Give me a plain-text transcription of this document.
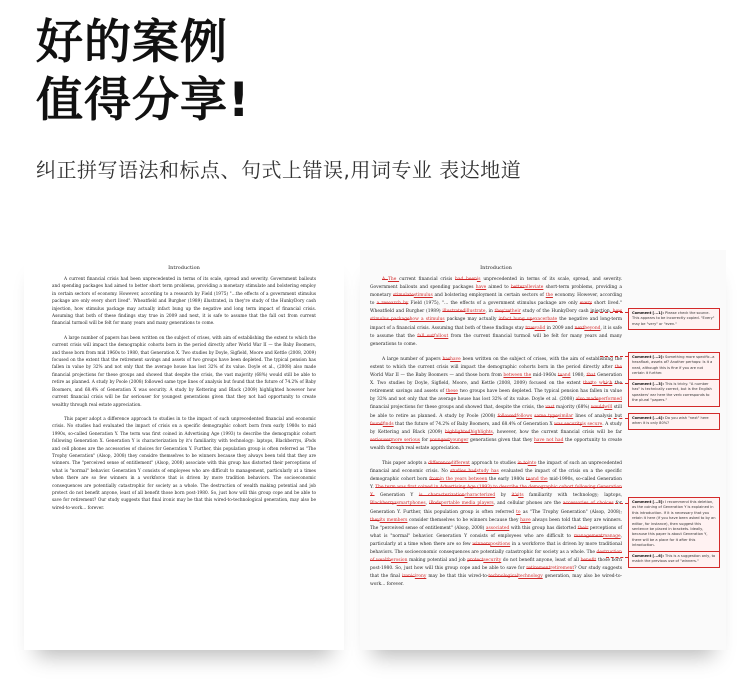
好的案例
值得分享!
纠正拼写语法和标点、句式上错误,用词专业 表达地道
Introduction

A current financial crisis had been unprecedented in terms of its scale, spread and severity. Government bailouts and spending packages had aimed to better short term problems, providing a monetary stimulate and bolstering employ in certain sectors of economy. However, according to a research by Field (1975) "...the effects of a government stimulus package are only every short lived". Wheatfield and Burgher (1989) illustrated, in they're study of the HunkyDory cash injection, how stimulus package may actually infact bung up the negative and long term impact of financial crisis. Assuming that both of these findings stay true in 2009 and next, it is safe to assume that the fall out from current financial turmoil will be felt for many years and many generations to come.

A large number of papers has been written on the subject of crises, with aim of establishing the extent to which the current crisis will impact the demographic cohorts born in the period directly after World War II — the Baby Boomers, and those born from mid 1960s to 1980, that Generation X. Two studies by Doyle, Sigfield, Moore and Kettle (2008, 2009) focused on the extent that the retirement savings and assets of two groups have been depleted. The typical pension has fallen in value by 32% and not only that the average house has lost 32% of its value. Doyle et al., (2008) also made financial projections for these groups and showed that despite the crisis, the vast majority (68%) would still be able to retire as planned. A study by Poole (2008) followed same type lines of analysis but found that the future of 74.2% of Baby Boomers, and 68.4% of Generation X was security. A study by Kettering and Black (2009) highlighted however how current financial crisis will be far seriouser for youngest generations given that they not had opportunity to create wealthy through real estate appreciation.

This paper adopt a difference approach to studies in to the impact of such unprecedented financial and economic crisis. No studies had evaluated the impact of crisis on a specific demographic cohort born from early 1980s to mid 1990s, so-called Generation Y. The term was first coined in Advertising Age (1993) to describe the demographic cohort following Generation X. Generation Y is characterization by it's familiarity with technology: laptops, Blackberrys, iPods and cell phones are the accessories of choices for Generation Y. Further, this population group is often referred as "The Trophy Generation" (Alsop, 2008) they considre themselves to be winners because they always been told that they are winners. The "perceived sense of entitlement" (Alsop, 2008) associate with this group has distorted their perceptions of what is "normal" behavior. Generation Y consists of employees who are difficult to management, particularly at a times when there are so few winners in a workforce that is driven by more tradition behaviors. The socioeconomic consequences are potentially catastrophic for society as a whole. The destruction of wealth making potential and job protect do not benefit anyone, least of all benefit those born post-1980. So, just how will this group cope and be able to save for retirement? Our study suggests that final ironic may be that this wired-to-technological generation, may also be wired-to-work... forever.

Introduction

A The current financial crisis had beenis unprecedented in terms of its scale, spread, and severity. Government bailouts and spending packages have aimed to betteralleviate short-term problems, providing a monetary stimulatestimulus and bolstering employment in certain sectors of the economy. However, according to a research by Field (1975), "... the effects of a government stimulus package are only every short lived." Wheatfield and Burgher (1989) illustratedillustrate, in they'retheir study of the HunkyDory cash injection, how stimulus packagehow a stimulus package may actually infact bung upexacerbate the negative and long-term impact of a financial crisis. Assuming that both of these findings stay truevalid in 2009 and nextbeyond, it is safe to assume that the fall outfallout from the current financial turmoil will be felt for many years and many generations to come.

A large number of papers hashave been written on the subject of crises, with the aim of establishing the extent to which the current crisis will impact the demographic cohorts born in the period directly after the World War II — the Baby Boomers — and those born from between the mid-1960s toand 1980, that Generation X. Two studies by Doyle, Sigfield, Moore, and Kettle (2008, 2009) focused on the extent thatto which the retirement savings and assets of these two groups have been depleted. The typical pension has fallen in value by 32% and not only that the average house has lost 32% of its value. Doyle et al. (2008) also madeperformed financial projections for these groups and showed that, despite the crisis, the vast majority (68%) wouldwill still be able to retire as planned. A study by Poole (2008) followedfollows same typesimilar lines of analysis but foundfinds that the future of 74.2% of Baby Boomers, and 68.4% of Generation X was securityis secure. A study by Kettering and Black (2009) highlightedhighlights, however, how the current financial crisis will be far seriousermore serious for youngestyounger generations given that they have not had the opportunity to create wealth through real estate appreciation.

This paper adopts a differencedifferent approach to studies in tointo the impact of such an unprecedented financial and economic crisis. No studies hadstudy has evaluated the impact of the crisis on a the specific demographic cohort born fromin the years between the early 1980s toand the mid-1990s, so-called Generation Y. The term was first coined in Advertising Age (1993) to describe the demographic cohort following Generation X. Generation Y is characterizationcharacterized by it'sits familiarity with technology; laptops, Blackberryssmartphones, iPodsportable media players, and cellular phones are the accessories of choices for Generation Y. Further, this population group is often referred to as "The Trophy Generation" (Alsop, 2008); theyits members consider themselves to be winners because they have always been told that they are winners. The "perceived sense of entitlement" (Alsop, 2008) associated with this group has distorted their perceptions of what is "normal" behavior. Generation Y consists of employees who are difficult to managementmanage, particularly at a time when there are so few winnerspositions in a workforce that is driven by more traditional behaviors. The socioeconomic consequences are potentially catastrophic for society as a whole. The destruction of wealtherosion making potential and job protectsecurity do not benefit anyone, least of all benefit those born post-1980. So, just how will this group cope and be able to save for retirementretirement? Our study suggests that the final ironicirony may be that this wired-to-technologicaltechnology generation, may also be wired-to-work... forever.

Comment [...1]: Please check the source. This appears to be incorrectly copied. "Every" may be "very" or "even."
Comment [...2]: Something more specific--a hexafloat, assets of? Another perhaps: Is it a neat, although this is fine if you are not certain it further.
Comment [...3]: This is tricky. "A number has" is technically correct, but is the English speakers' ear here the verb corresponds to the plural "papers."
Comment [...4]: Do you wish "next" here when it is only 80%?
Comment [...5]: I recommend this deletion, as the coining of Generation Y is explained in this introduction. If it is necessary that you retain it here (if you have been asked to by an editor, for instance), then suggest this sentence be placed in brackets. Ideally, because this paper is about Generation Y, there will be a place for it after this introduction.
Comment [...6]: This is a suggestion only, to match the previous use of "winners."
